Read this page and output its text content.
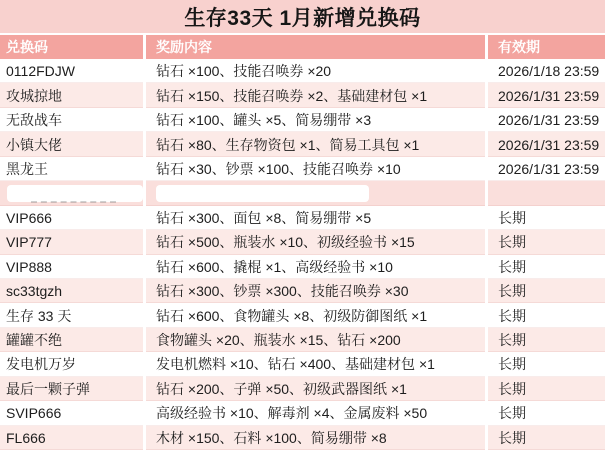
生存33天 1月新增兑换码
兑换码	奖励内容	有效期
0112FDJW	钻石 ×100、技能召唤券 ×20	2026/1/18 23:59
攻城掠地	钻石 ×150、技能召唤券 ×2、基础建材包 ×1	2026/1/31 23:59
无敌战车	钻石 ×100、罐头 ×5、简易绷带 ×3	2026/1/31 23:59
小镇大佬	钻石 ×80、生存物资包 ×1、简易工具包 ×1	2026/1/31 23:59
黑龙王	钻石 ×30、钞票 ×100、技能召唤券 ×10	2026/1/31 23:59
VIP666	钻石 ×300、面包 ×8、简易绷带 ×5	长期
VIP777	钻石 ×500、瓶装水 ×10、初级经验书 ×15	长期
VIP888	钻石 ×600、撬棍 ×1、高级经验书 ×10	长期
sc33tgzh	钻石 ×300、钞票 ×300、技能召唤券 ×30	长期
生存 33 天	钻石 ×600、食物罐头 ×8、初级防御图纸 ×1	长期
罐罐不绝	食物罐头 ×20、瓶装水 ×15、钻石 ×200	长期
发电机万岁	发电机燃料 ×10、钻石 ×400、基础建材包 ×1	长期
最后一颗子弹	钻石 ×200、子弹 ×50、初级武器图纸 ×1	长期
SVIP666	高级经验书 ×10、解毒剂 ×4、金属废料 ×50	长期
FL666	木材 ×150、石料 ×100、简易绷带 ×8	长期
